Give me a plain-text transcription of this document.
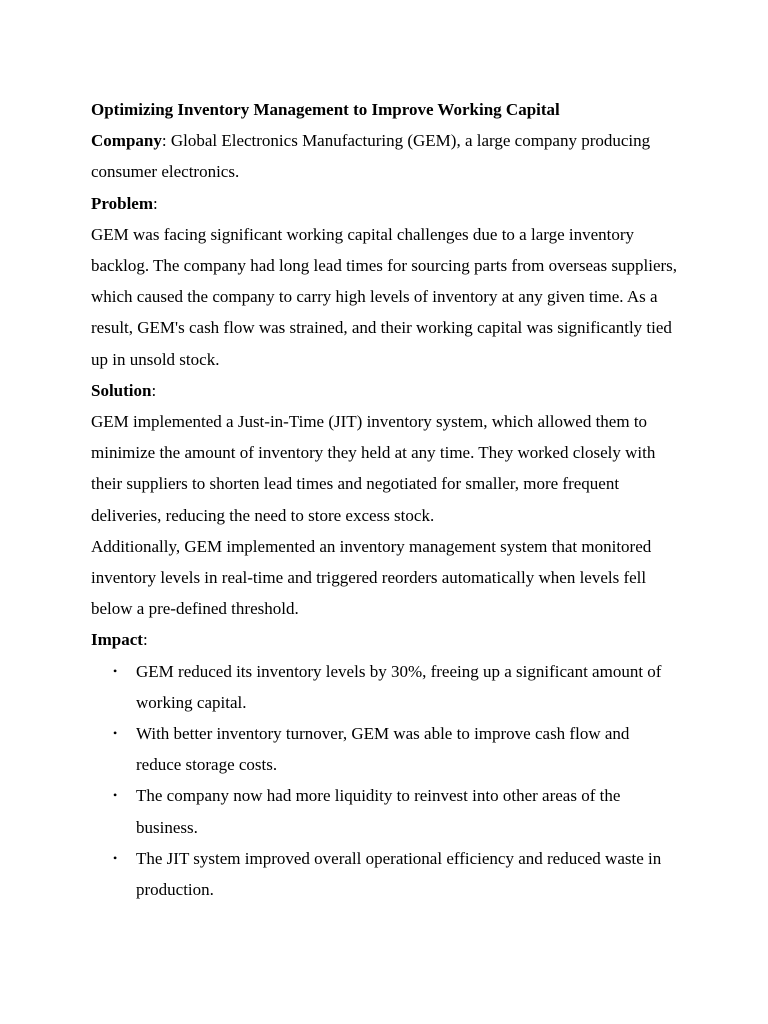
Optimizing Inventory Management to Improve Working Capital

Company: Global Electronics Manufacturing (GEM), a large company producing consumer electronics.

Problem:

GEM was facing significant working capital challenges due to a large inventory backlog. The company had long lead times for sourcing parts from overseas suppliers, which caused the company to carry high levels of inventory at any given time. As a result, GEM's cash flow was strained, and their working capital was significantly tied up in unsold stock.

Solution:

GEM implemented a Just-in-Time (JIT) inventory system, which allowed them to minimize the amount of inventory they held at any time. They worked closely with their suppliers to shorten lead times and negotiated for smaller, more frequent deliveries, reducing the need to store excess stock.

Additionally, GEM implemented an inventory management system that monitored inventory levels in real-time and triggered reorders automatically when levels fell below a pre-defined threshold.

Impact:

• GEM reduced its inventory levels by 30%, freeing up a significant amount of working capital.
• With better inventory turnover, GEM was able to improve cash flow and reduce storage costs.
• The company now had more liquidity to reinvest into other areas of the business.
• The JIT system improved overall operational efficiency and reduced waste in production.
